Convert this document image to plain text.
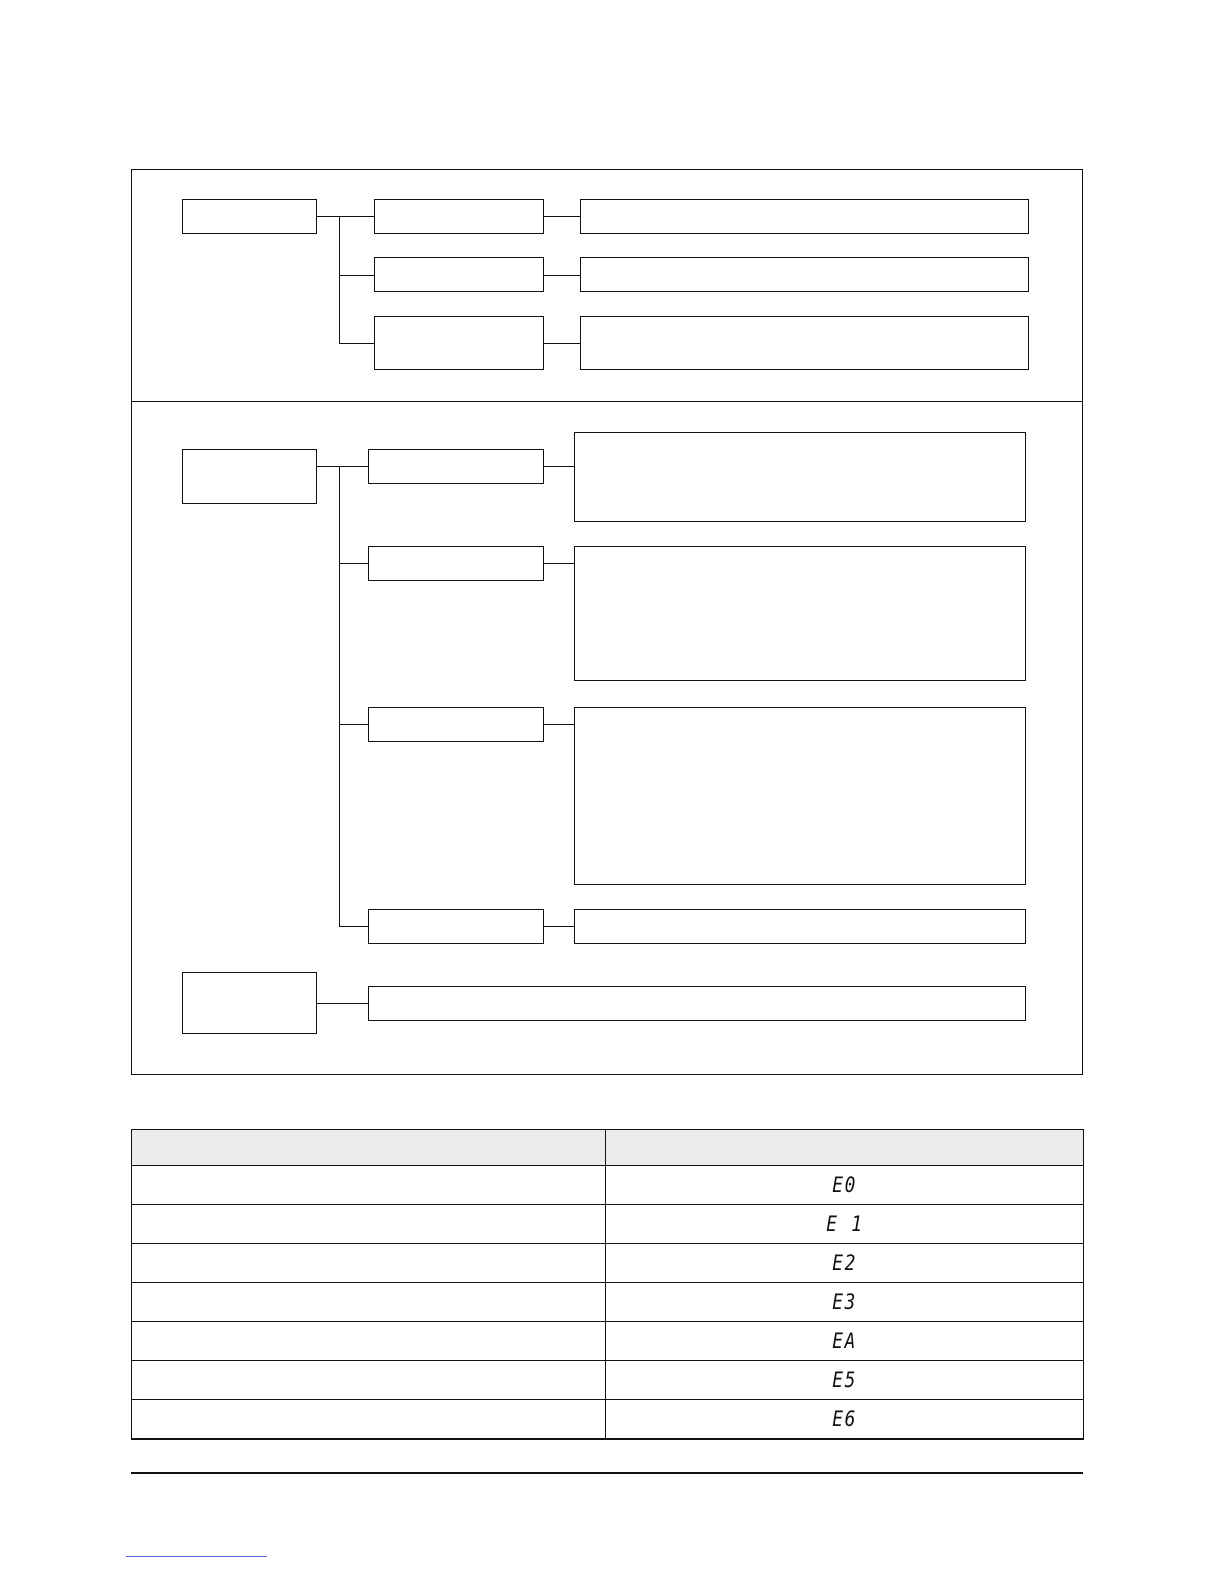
	E0
	E 1
	E2
	E3
	EA
	E5
	E6
